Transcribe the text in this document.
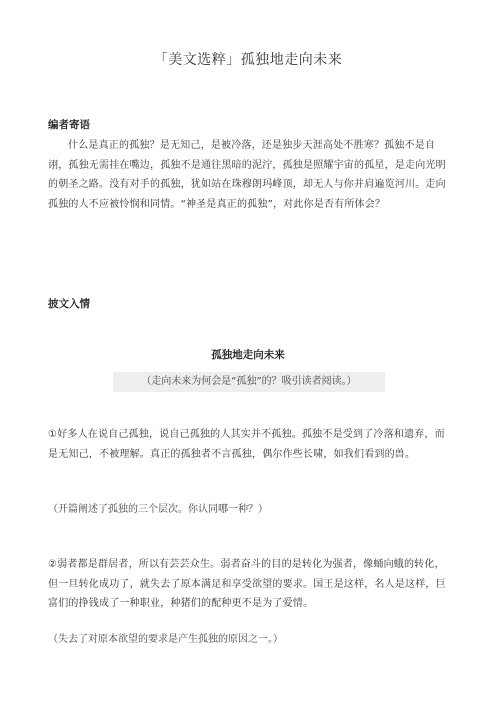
「美文选粹」孤独地走向未来
编者寄语
什么是真正的孤独？是无知己，是被冷落，还是独步天涯高处不胜寒？孤独不是自诩，孤独无需挂在嘴边，孤独不是通往黑暗的泥泞，孤独是照耀宇宙的孤星，是走向光明的朝圣之路。没有对手的孤独，犹如站在珠穆朗玛峰顶，却无人与你并肩遍览河川。走向孤独的人不应被怜悯和同情。“神圣是真正的孤独”，对此你是否有所体会？
披文入情
孤独地走向未来
（走向未来为何会是“孤独”的？吸引读者阅读。）
①好多人在说自己孤独，说自己孤独的人其实并不孤独。孤独不是受到了冷落和遗弃，而是无知己，不被理解。真正的孤独者不言孤独，偶尔作些长啸，如我们看到的兽。
（开篇阐述了孤独的三个层次。你认同哪一种？）
②弱者都是群居者，所以有芸芸众生。弱者奋斗的目的是转化为强者，像蛹向蛾的转化，但一旦转化成功了，就失去了原本满足和享受欲望的要求。国王是这样，名人是这样，巨富们的挣钱成了一种职业，种猪们的配种更不是为了爱情。
（失去了对原本欲望的要求是产生孤独的原因之一。）
